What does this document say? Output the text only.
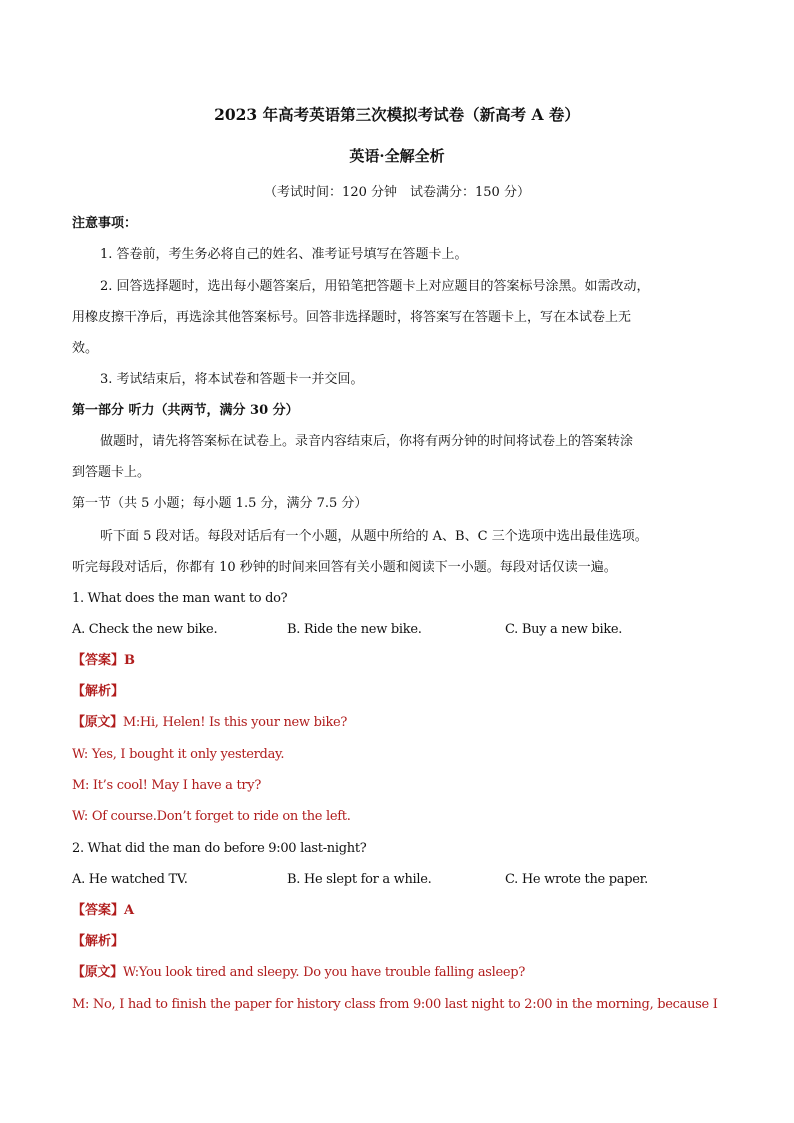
2023 年高考英语第三次模拟考试卷（新高考 A 卷）
英语·全解全析
（考试时间：120 分钟　试卷满分：150 分）
注意事项：
1. 答卷前，考生务必将自己的姓名、准考证号填写在答题卡上。
2. 回答选择题时，选出每小题答案后，用铅笔把答题卡上对应题目的答案标号涂黑。如需改动，
用橡皮擦干净后，再选涂其他答案标号。回答非选择题时，将答案写在答题卡上，写在本试卷上无
效。
3. 考试结束后，将本试卷和答题卡一并交回。
第一部分 听力（共两节，满分 30 分）
做题时，请先将答案标在试卷上。录音内容结束后，你将有两分钟的时间将试卷上的答案转涂
到答题卡上。
第一节（共 5 小题；每小题 1.5 分，满分 7.5 分）
听下面 5 段对话。每段对话后有一个小题，从题中所给的 A、B、C 三个选项中选出最佳选项。
听完每段对话后，你都有 10 秒钟的时间来回答有关小题和阅读下一小题。每段对话仅读一遍。
1. What does the man want to do?
A. Check the new bike.	B. Ride the new bike.	C. Buy a new bike.
【答案】B
【解析】
【原文】M:Hi, Helen! Is this your new bike?
W: Yes, I bought it only yesterday.
M: It’s cool! May I have a try?
W: Of course.Don’t forget to ride on the left.
2. What did the man do before 9:00 last-night?
A. He watched TV.	B. He slept for a while.	C. He wrote the paper.
【答案】A
【解析】
【原文】W:You look tired and sleepy. Do you have trouble falling asleep?
M: No, I had to finish the paper for history class from 9:00 last night to 2:00 in the morning, because I
